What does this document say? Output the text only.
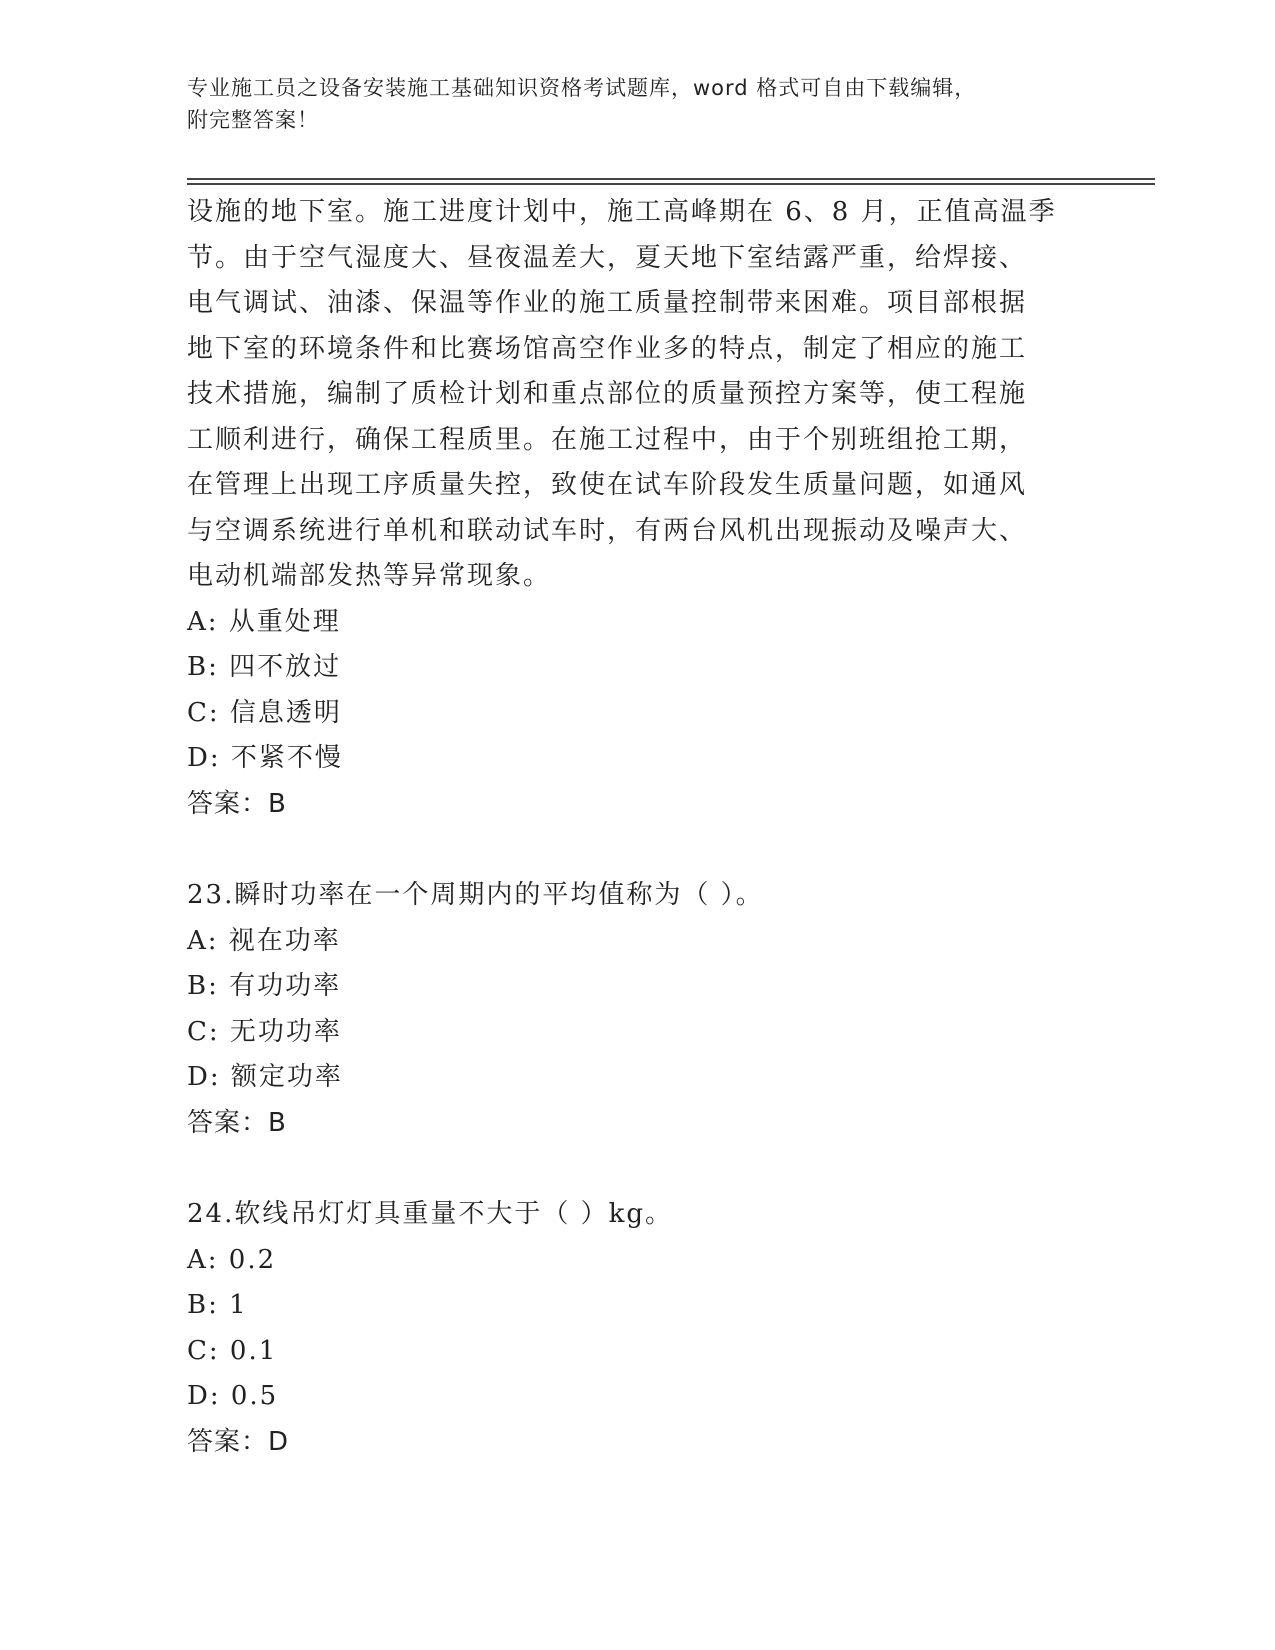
专业施工员之设备安装施工基础知识资格考试题库，word 格式可自由下载编辑，
附完整答案！
设施的地下室。施工进度计划中，施工高峰期在 6、8 月，正值高温季
节。由于空气湿度大、昼夜温差大，夏天地下室结露严重，给焊接、
电气调试、油漆、保温等作业的施工质量控制带来困难。项目部根据
地下室的环境条件和比赛场馆高空作业多的特点，制定了相应的施工
技术措施，编制了质检计划和重点部位的质量预控方案等，使工程施
工顺利进行，确保工程质里。在施工过程中，由于个别班组抢工期，
在管理上出现工序质量失控，致使在试车阶段发生质量问题，如通风
与空调系统进行单机和联动试车时，有两台风机出现振动及噪声大、
电动机端部发热等异常现象。
A: 从重处理
B: 四不放过
C: 信息透明
D: 不紧不慢
答案：B
23.瞬时功率在一个周期内的平均值称为（ ）。
A: 视在功率
B: 有功功率
C: 无功功率
D: 额定功率
答案：B
24.软线吊灯灯具重量不大于（ ）kg。
A: 0.2
B: 1
C: 0.1
D: 0.5
答案：D
